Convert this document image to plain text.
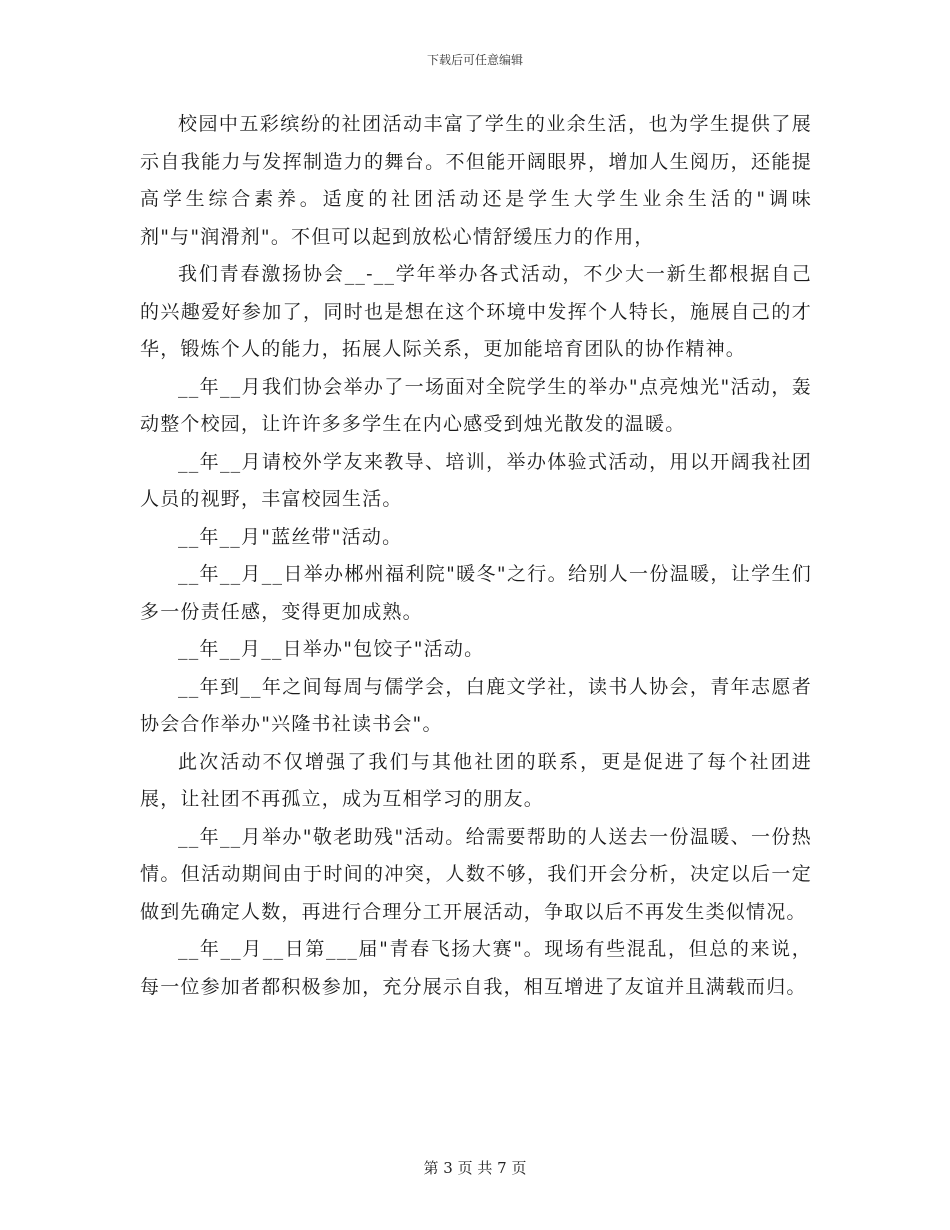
下载后可任意编辑

校园中五彩缤纷的社团活动丰富了学生的业余生活，也为学生提供了展示自我能力与发挥制造力的舞台。不但能开阔眼界，增加人生阅历，还能提高学生综合素养。适度的社团活动还是学生大学生业余生活的"调味剂"与"润滑剂"。不但可以起到放松心情舒缓压力的作用，

我们青春激扬协会__-__学年举办各式活动，不少大一新生都根据自己的兴趣爱好参加了，同时也是想在这个环境中发挥个人特长，施展自己的才华，锻炼个人的能力，拓展人际关系，更加能培育团队的协作精神。

__年__月我们协会举办了一场面对全院学生的举办"点亮烛光"活动，轰动整个校园，让许许多多学生在内心感受到烛光散发的温暖。

__年__月请校外学友来教导、培训，举办体验式活动，用以开阔我社团人员的视野，丰富校园生活。

__年__月"蓝丝带"活动。

__年__月__日举办郴州福利院"暖冬"之行。给别人一份温暖，让学生们多一份责任感，变得更加成熟。

__年__月__日举办"包饺子"活动。

__年到__年之间每周与儒学会，白鹿文学社，读书人协会，青年志愿者协会合作举办"兴隆书社读书会"。

此次活动不仅增强了我们与其他社团的联系，更是促进了每个社团进展，让社团不再孤立，成为互相学习的朋友。

__年__月举办"敬老助残"活动。给需要帮助的人送去一份温暖、一份热情。但活动期间由于时间的冲突，人数不够，我们开会分析，决定以后一定做到先确定人数，再进行合理分工开展活动，争取以后不再发生类似情况。

__年__月__日第___届"青春飞扬大赛"。现场有些混乱，但总的来说，每一位参加者都积极参加，充分展示自我，相互增进了友谊并且满载而归。

第 3 页 共 7 页
